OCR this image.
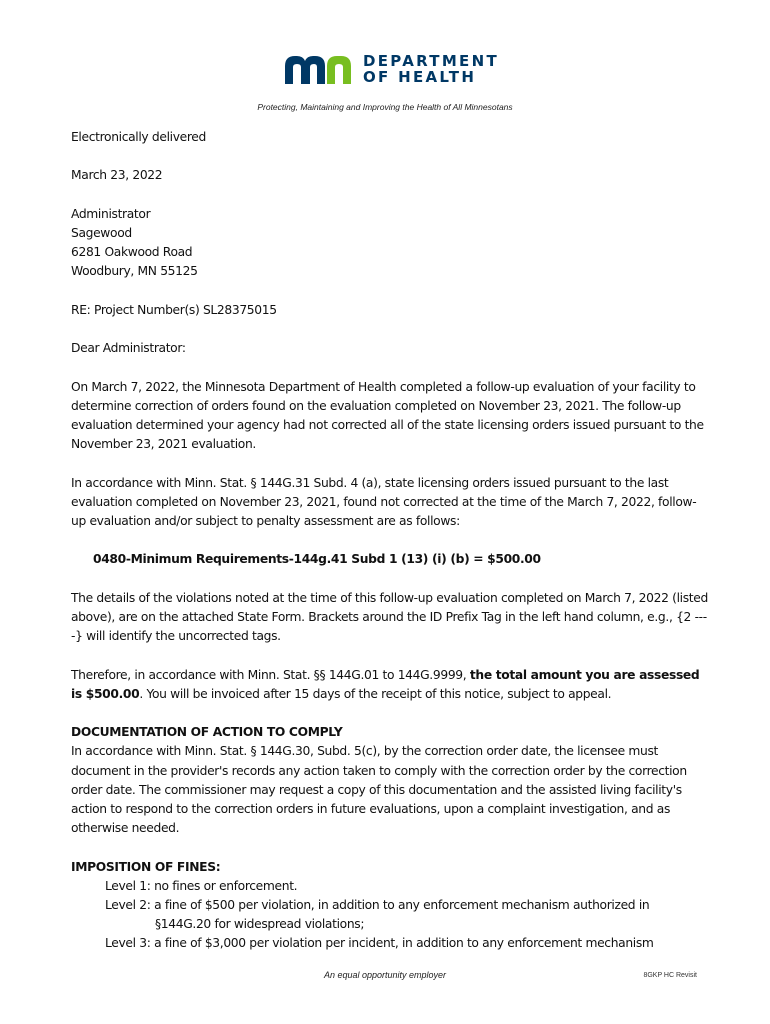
DEPARTMENT
OF HEALTH
Protecting, Maintaining and Improving the Health of All Minnesotans

Electronically delivered

March 23, 2022

Administrator
Sagewood
6281 Oakwood Road
Woodbury, MN 55125

RE: Project Number(s) SL28375015

Dear Administrator:

On March 7, 2022, the Minnesota Department of Health completed a follow-up evaluation of your facility to determine correction of orders found on the evaluation completed on November 23, 2021. The follow-up evaluation determined your agency had not corrected all of the state licensing orders issued pursuant to the November 23, 2021 evaluation.

In accordance with Minn. Stat. § 144G.31 Subd. 4 (a), state licensing orders issued pursuant to the last evaluation completed on November 23, 2021, found not corrected at the time of the March 7, 2022, follow-up evaluation and/or subject to penalty assessment are as follows:

0480-Minimum Requirements-144g.41 Subd 1 (13) (i) (b) = $500.00

The details of the violations noted at the time of this follow-up evaluation completed on March 7, 2022 (listed above), are on the attached State Form. Brackets around the ID Prefix Tag in the left hand column, e.g., {2 ----} will identify the uncorrected tags.

Therefore, in accordance with Minn. Stat. §§ 144G.01 to 144G.9999, the total amount you are assessed is $500.00. You will be invoiced after 15 days of the receipt of this notice, subject to appeal.

DOCUMENTATION OF ACTION TO COMPLY
In accordance with Minn. Stat. § 144G.30, Subd. 5(c), by the correction order date, the licensee must document in the provider's records any action taken to comply with the correction order by the correction order date. The commissioner may request a copy of this documentation and the assisted living facility's action to respond to the correction orders in future evaluations, upon a complaint investigation, and as otherwise needed.

IMPOSITION OF FINES:
Level 1: no fines or enforcement.
Level 2: a fine of $500 per violation, in addition to any enforcement mechanism authorized in
§144G.20 for widespread violations;
Level 3: a fine of $3,000 per violation per incident, in addition to any enforcement mechanism
An equal opportunity employer	8GKP HC Revisit
